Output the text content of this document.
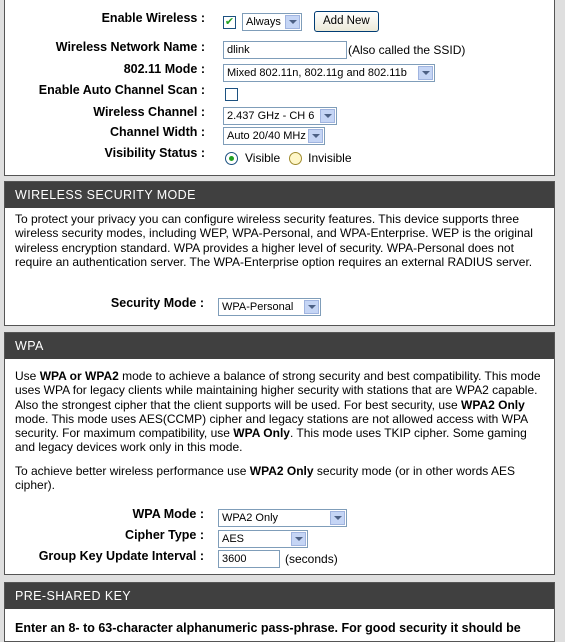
Enable Wireless : ✔ Always	Add New
Wireless Network Name :	dlink	(Also called the SSID)
802.11 Mode : Mixed 802.11n, 802.11g and 802.11b
Enable Auto Channel Scan :
Wireless Channel : 2.437 GHz - CH 6
Channel Width : Auto 20/40 MHz
Visibility Status :	Visible Invisible
WIRELESS SECURITY MODE
To protect your privacy you can configure wireless security features. This device supports three wireless security modes, including WEP, WPA-Personal, and WPA-Enterprise. WEP is the original wireless encryption standard. WPA provides a higher level of security. WPA-Personal does not require an authentication server. The WPA-Enterprise option requires an external RADIUS server.
Security Mode : WPA-Personal
WPA
Use WPA or WPA2 mode to achieve a balance of strong security and best compatibility. This mode uses WPA for legacy clients while maintaining higher security with stations that are WPA2 capable. Also the strongest cipher that the client supports will be used. For best security, use WPA2 Only mode. This mode uses AES(CCMP) cipher and legacy stations are not allowed access with WPA security. For maximum compatibility, use WPA Only. This mode uses TKIP cipher. Some gaming and legacy devices work only in this mode.
To achieve better wireless performance use WPA2 Only security mode (or in other words AES cipher).
WPA Mode : WPA2 Only
Cipher Type : AES
Group Key Update Interval :	3600	(seconds)
PRE-SHARED KEY
Enter an 8- to 63-character alphanumeric pass-phrase. For good security it should be
